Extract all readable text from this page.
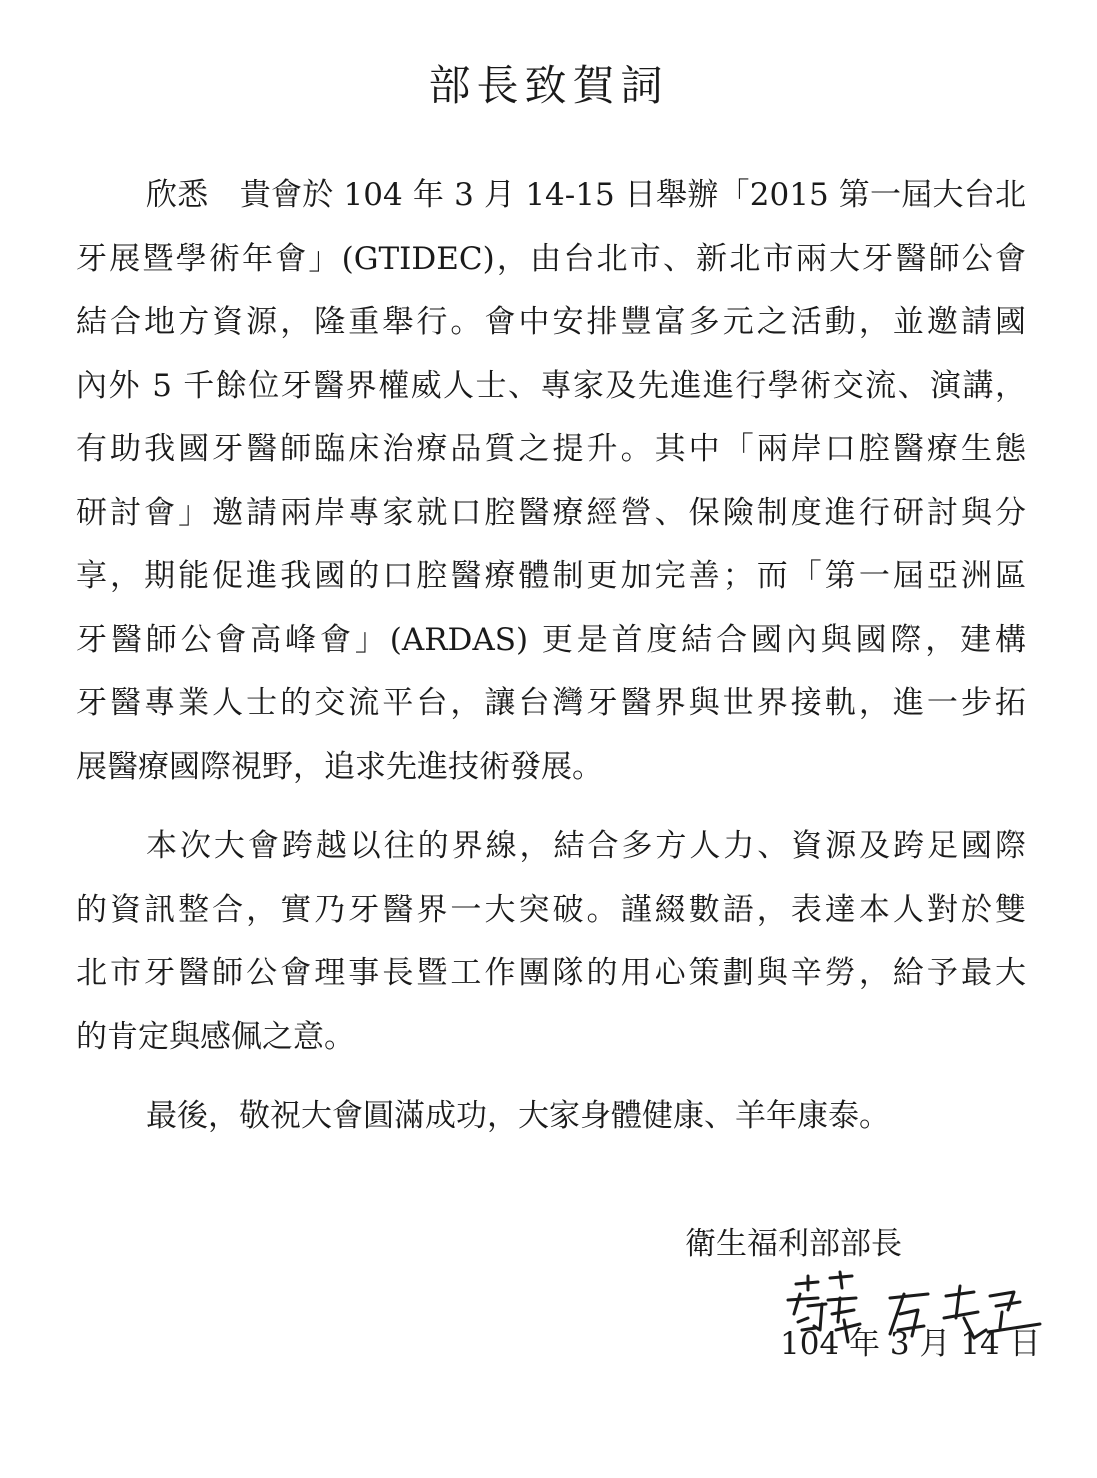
部長致賀詞
欣悉　貴會於 104 年 3 月 14-15 日舉辦「2015 第一屆大台北
牙展暨學術年會」(GTIDEC)，由台北市、新北市兩大牙醫師公會
結合地方資源，隆重舉行。會中安排豐富多元之活動，並邀請國
內外 5 千餘位牙醫界權威人士、專家及先進進行學術交流、演講，
有助我國牙醫師臨床治療品質之提升。其中「兩岸口腔醫療生態
研討會」邀請兩岸專家就口腔醫療經營、保險制度進行研討與分
享，期能促進我國的口腔醫療體制更加完善；而「第一屆亞洲區
牙醫師公會高峰會」(ARDAS) 更是首度結合國內與國際，建構
牙醫專業人士的交流平台，讓台灣牙醫界與世界接軌，進一步拓
展醫療國際視野，追求先進技術發展。
本次大會跨越以往的界線，結合多方人力、資源及跨足國際
的資訊整合，實乃牙醫界一大突破。謹綴數語，表達本人對於雙
北市牙醫師公會理事長暨工作團隊的用心策劃與辛勞，給予最大
的肯定與感佩之意。
最後，敬祝大會圓滿成功，大家身體健康、羊年康泰。
衛生福利部部長
104 年 3 月 14 日
